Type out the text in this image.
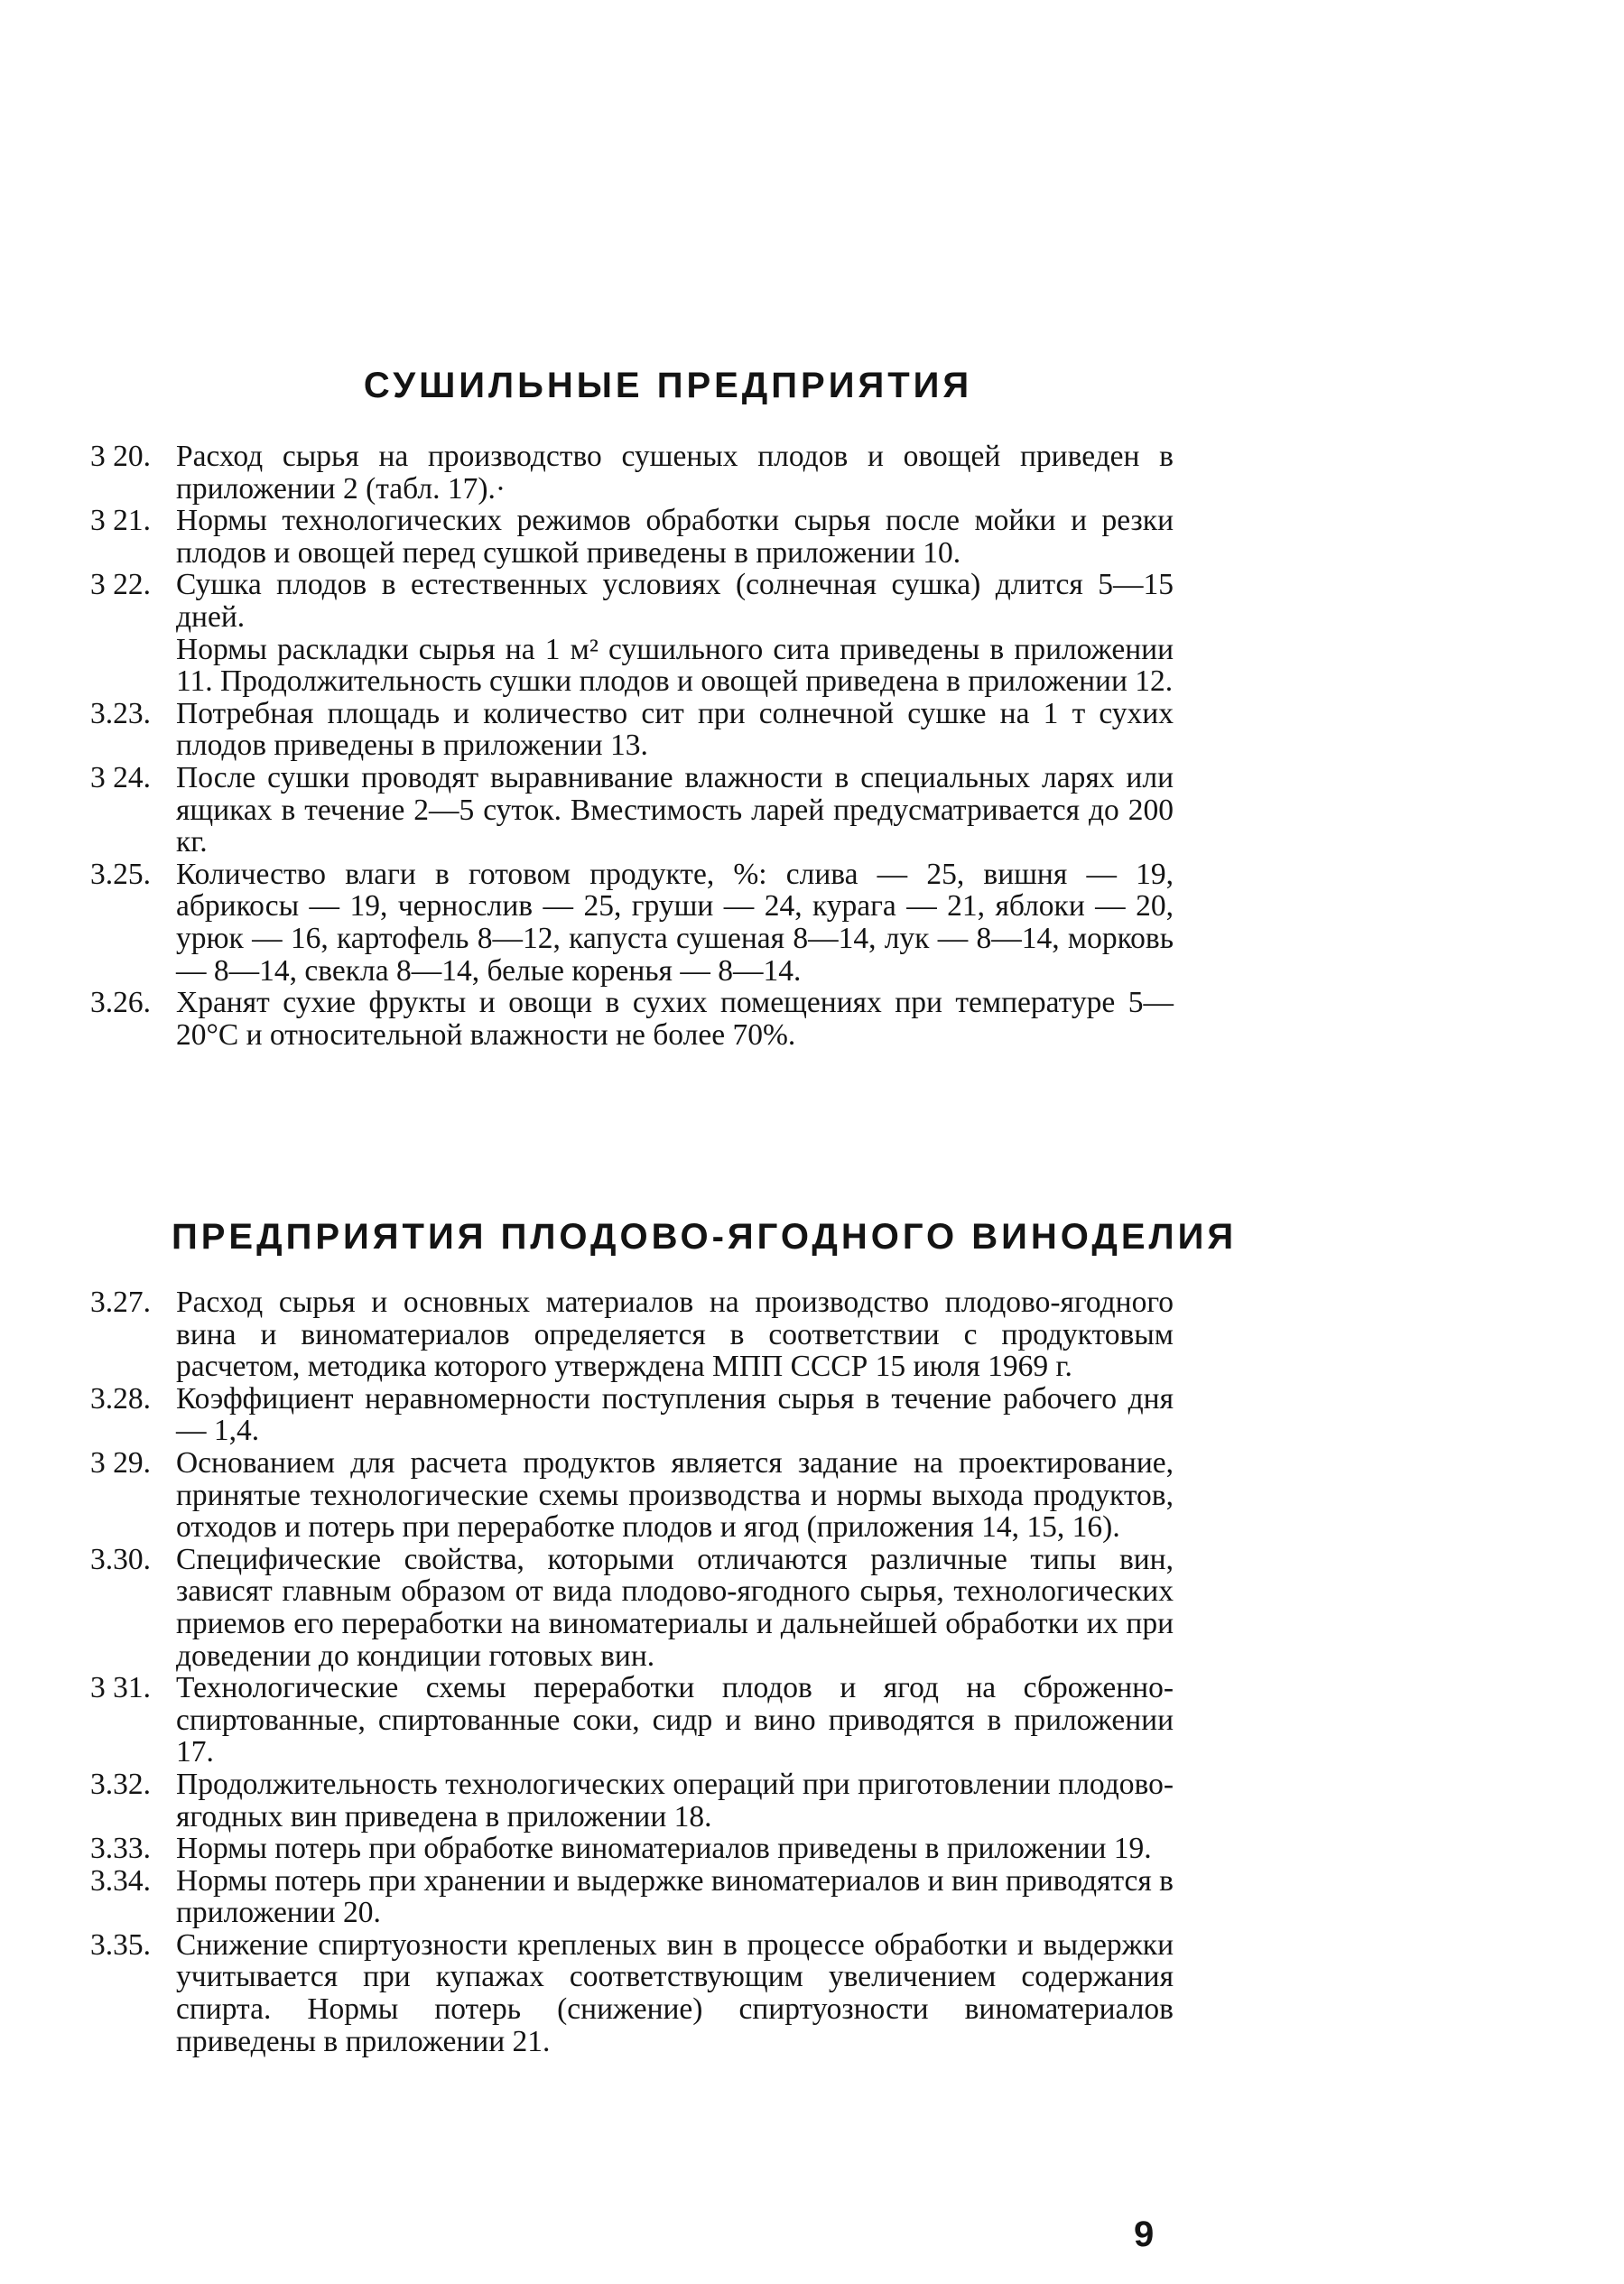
СУШИЛЬНЫЕ ПРЕДПРИЯТИЯ
3 20. Расход сырья на производство сушеных плодов и овощей приведен в приложении 2 (табл. 17).·

3 21. Нормы технологических режимов обработки сырья после мойки и резки плодов и овощей перед сушкой приведены в приложении 10.

3 22. Сушка плодов в естественных условиях (солнечная сушка) длится 5—15 дней.

Нормы раскладки сырья на 1 м² сушильного сита приведены в приложении 11. Продолжительность сушки плодов и овощей приведена в приложении 12.

3.23. Потребная площадь и количество сит при солнечной сушке на 1 т сухих плодов приведены в приложении 13.

3 24. После сушки проводят выравнивание влажности в специальных ларях или ящиках в течение 2—5 суток. Вместимость ларей предусматривается до 200 кг.

3.25. Количество влаги в готовом продукте, %: слива — 25, вишня — 19, абрикосы — 19, чернослив — 25, груши — 24, курага — 21, яблоки — 20, урюк — 16, картофель 8—12, капуста сушеная 8—14, лук — 8—14, морковь — 8—14, свекла 8—14, белые коренья — 8—14.

3.26. Хранят сухие фрукты и овощи в сухих помещениях при температуре 5—20°С и относительной влажности не более 70%.

ПРЕДПРИЯТИЯ ПЛОДОВО-ЯГОДНОГО ВИНОДЕЛИЯ
3.27. Расход сырья и основных материалов на производство плодово-ягодного вина и виноматериалов определяется в соответствии с продуктовым расчетом, методика которого утверждена МПП СССР 15 июля 1969 г.

3.28. Коэффициент неравномерности поступления сырья в течение рабочего дня — 1,4.

3 29. Основанием для расчета продуктов является задание на проектирование, принятые технологические схемы производства и нормы выхода продуктов, отходов и потерь при переработке плодов и ягод (приложения 14, 15, 16).

3.30. Специфические свойства, которыми отличаются различные типы вин, зависят главным образом от вида плодово-ягодного сырья, технологических приемов его переработки на виноматериалы и дальнейшей обработки их при доведении до кондиции готовых вин.

3 31. Технологические схемы переработки плодов и ягод на сброженно-спиртованные, спиртованные соки, сидр и вино приводятся в приложении 17.

3.32. Продолжительность технологических операций при приготовлении плодово-ягодных вин приведена в приложении 18.

3.33. Нормы потерь при обработке виноматериалов приведены в приложении 19.

3.34. Нормы потерь при хранении и выдержке виноматериалов и вин приводятся в приложении 20.

3.35. Снижение спиртуозности крепленых вин в процессе обработки и выдержки учитывается при купажах соответствующим увеличением содержания спирта. Нормы потерь (снижение) спиртуозности виноматериалов приведены в приложении 21.

9
